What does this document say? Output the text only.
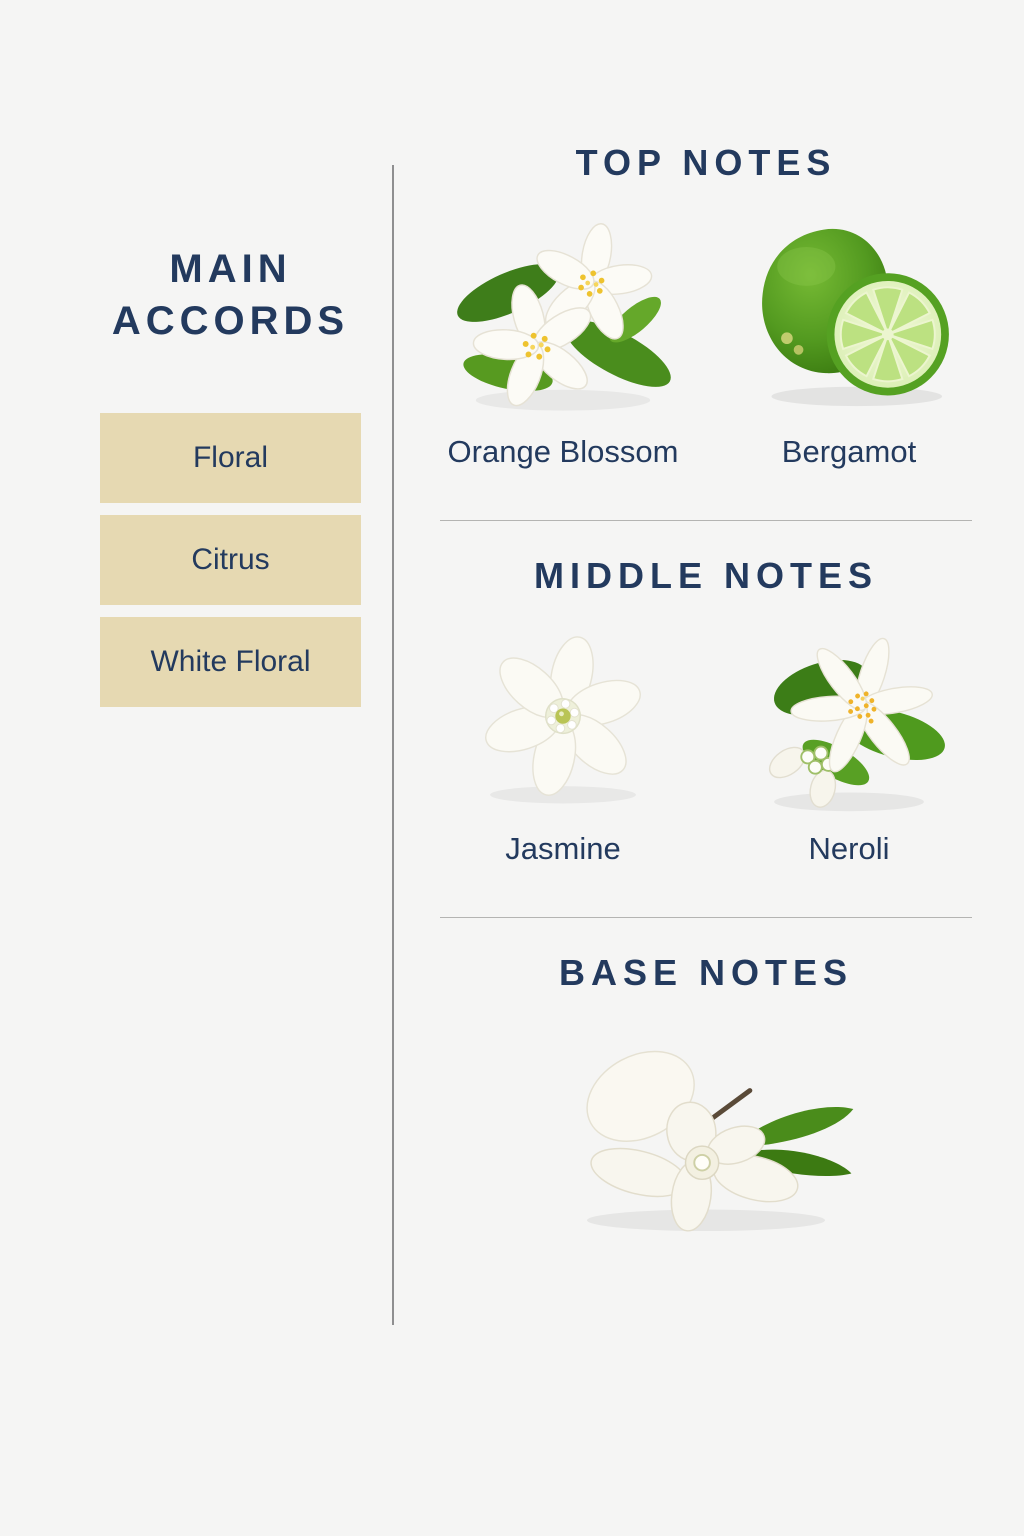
MAIN
ACCORDS
Floral
Citrus
White Floral
TOP NOTES
Orange Blossom	Bergamot
MIDDLE NOTES
Jasmine	Neroli
BASE NOTES
